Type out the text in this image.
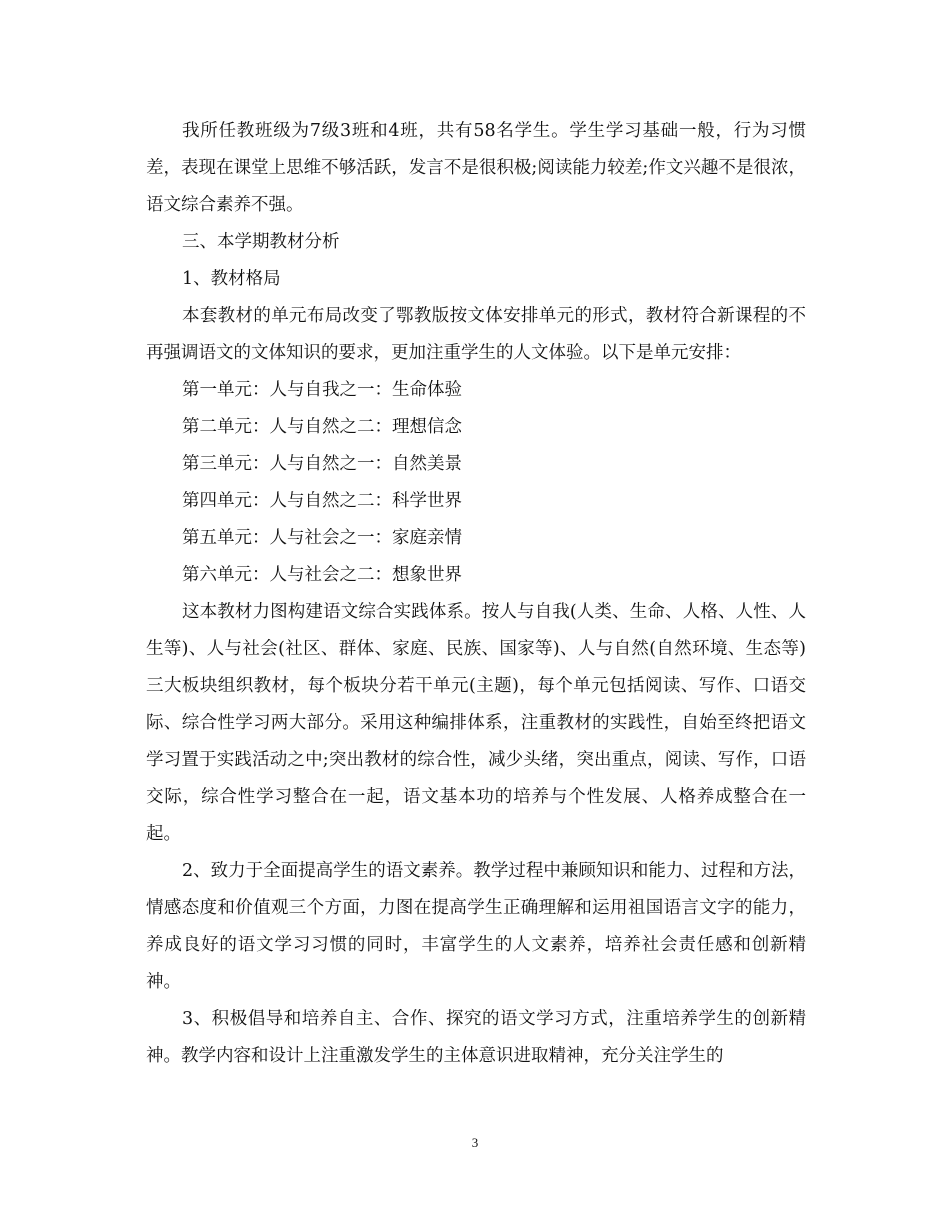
我所任教班级为7级3班和4班，共有58名学生。学生学习基础一般，行为习惯差，表现在课堂上思维不够活跃，发言不是很积极;阅读能力较差;作文兴趣不是很浓，语文综合素养不强。

三、本学期教材分析

1、教材格局

本套教材的单元布局改变了鄂教版按文体安排单元的形式，教材符合新课程的不再强调语文的文体知识的要求，更加注重学生的人文体验。以下是单元安排：

第一单元：人与自我之一：生命体验

第二单元：人与自然之二：理想信念

第三单元：人与自然之一：自然美景

第四单元：人与自然之二：科学世界

第五单元：人与社会之一：家庭亲情

第六单元：人与社会之二：想象世界

这本教材力图构建语文综合实践体系。按人与自我(人类、生命、人格、人性、人生等)、人与社会(社区、群体、家庭、民族、国家等)、人与自然(自然环境、生态等)三大板块组织教材，每个板块分若干单元(主题)，每个单元包括阅读、写作、口语交际、综合性学习两大部分。采用这种编排体系，注重教材的实践性，自始至终把语文学习置于实践活动之中;突出教材的综合性，减少头绪，突出重点，阅读、写作，口语交际，综合性学习整合在一起，语文基本功的培养与个性发展、人格养成整合在一起。

2、致力于全面提高学生的语文素养。教学过程中兼顾知识和能力、过程和方法，情感态度和价值观三个方面，力图在提高学生正确理解和运用祖国语言文字的能力，养成良好的语文学习习惯的同时，丰富学生的人文素养，培养社会责任感和创新精神。

3、积极倡导和培养自主、合作、探究的语文学习方式，注重培养学生的创新精神。教学内容和设计上注重激发学生的主体意识进取精神，充分关注学生的

3
